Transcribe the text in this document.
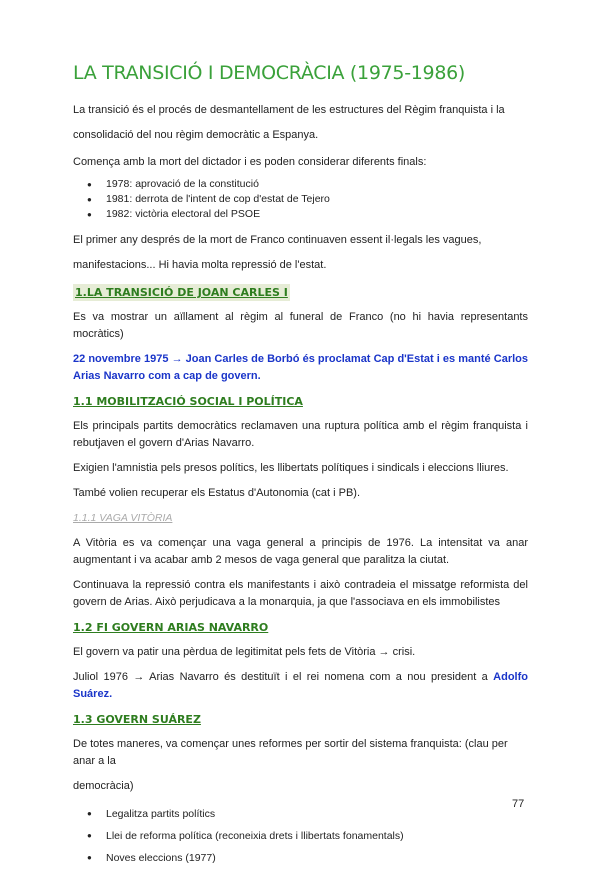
LA TRANSICIÓ I DEMOCRÀCIA (1975-1986)

La transició és el procés de desmantellament de les estructures del Règim franquista i la consolidació del nou règim democràtic a Espanya.

Comença amb la mort del dictador i es poden considerar diferents finals:

● 1978: aprovació de la constitució
● 1981: derrota de l'intent de cop d'estat de Tejero
● 1982: victòria electoral del PSOE

El primer any després de la mort de Franco continuaven essent il·legals les vagues, manifestacions... Hi havia molta repressió de l'estat.

1.LA TRANSICIÓ DE JOAN CARLES I

Es va mostrar un aïllament al règim al funeral de Franco (no hi havia representants mocràtics)

22 novembre 1975 → Joan Carles de Borbó és proclamat Cap d'Estat i es manté Carlos Arias Navarro com a cap de govern.

1.1 MOBILITZACIÓ SOCIAL I POLÍTICA

Els principals partits democràtics reclamaven una ruptura política amb el règim franquista i rebutjaven el govern d'Arias Navarro.

Exigien l'amnistia pels presos polítics, les llibertats polítiques i sindicals i eleccions lliures.

També volien recuperar els Estatus d'Autonomia (cat i PB).

1.1.1 VAGA VITÒRIA

A Vitòria es va començar una vaga general a principis de 1976. La intensitat va anar augmentant i va acabar amb 2 mesos de vaga general que paralitza la ciutat.

Continuava la repressió contra els manifestants i això contradeia el missatge reformista del govern de Arias. Això perjudicava a la monarquia, ja que l'associava en els immobilistes

1.2 FI GOVERN ARIAS NAVARRO

El govern va patir una pèrdua de legitimitat pels fets de Vitòria → crisi.

Juliol 1976 → Arias Navarro és destituït i el rei nomena com a nou president a Adolfo Suárez.

1.3 GOVERN SUÁREZ

De totes maneres, va començar unes reformes per sortir del sistema franquista: (clau per anar a la

democràcia)

● Legalitza partits polítics
● Llei de reforma política (reconeixia drets i llibertats fonamentals)
● Noves eleccions (1977)
77
